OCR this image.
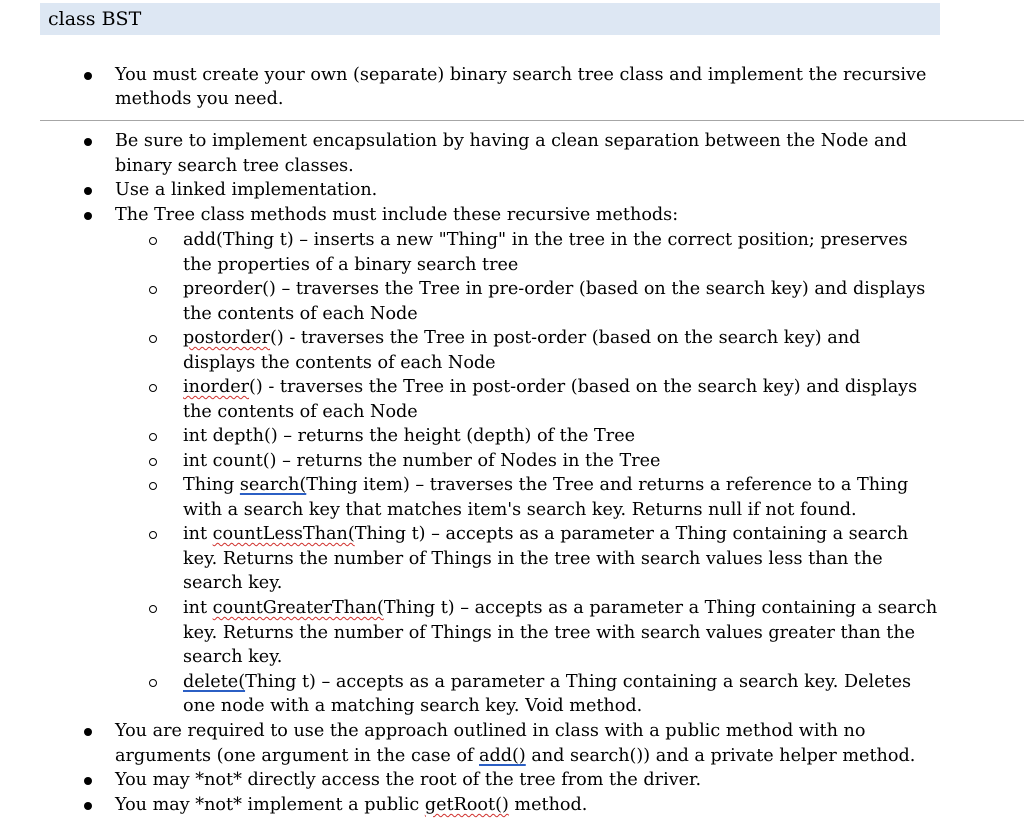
class BST
You must create your own (separate) binary search tree class and implement the recursive
methods you need.
Be sure to implement encapsulation by having a clean separation between the Node and
binary search tree classes.
Use a linked implementation.
The Tree class methods must include these recursive methods:
add(Thing t) – inserts a new "Thing" in the tree in the correct position; preserves
the properties of a binary search tree
preorder() – traverses the Tree in pre-order (based on the search key) and displays
the contents of each Node
postorder() - traverses the Tree in post-order (based on the search key) and
displays the contents of each Node
inorder() - traverses the Tree in post-order (based on the search key) and displays
the contents of each Node
int depth() – returns the height (depth) of the Tree
int count() – returns the number of Nodes in the Tree
Thing search(Thing item) – traverses the Tree and returns a reference to a Thing
with a search key that matches item's search key. Returns null if not found.
int countLessThan(Thing t) – accepts as a parameter a Thing containing a search
key. Returns the number of Things in the tree with search values less than the
search key.
int countGreaterThan(Thing t) – accepts as a parameter a Thing containing a search
key. Returns the number of Things in the tree with search values greater than the
search key.
delete(Thing t) – accepts as a parameter a Thing containing a search key. Deletes
one node with a matching search key. Void method.
You are required to use the approach outlined in class with a public method with no
arguments (one argument in the case of add() and search()) and a private helper method.
You may *not* directly access the root of the tree from the driver.
You may *not* implement a public getRoot() method.
